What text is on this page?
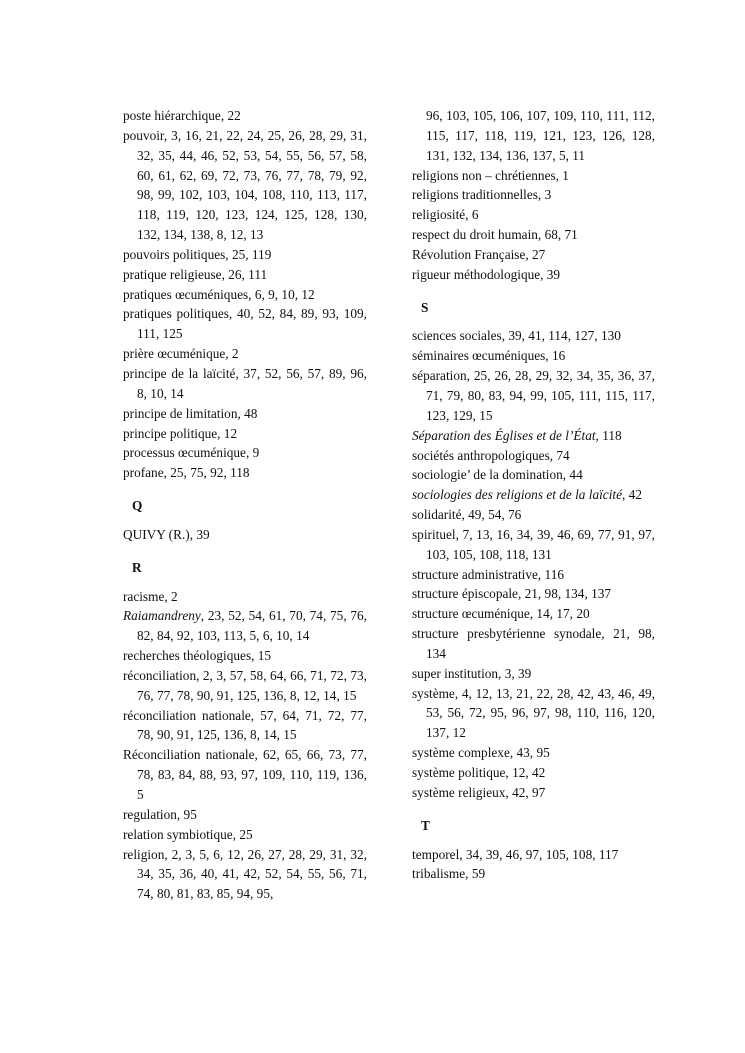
poste hiérarchique, 22
pouvoir, 3, 16, 21, 22, 24, 25, 26, 28, 29, 31, 32, 35, 44, 46, 52, 53, 54, 55, 56, 57, 58, 60, 61, 62, 69, 72, 73, 76, 77, 78, 79, 92, 98, 99, 102, 103, 104, 108, 110, 113, 117, 118, 119, 120, 123, 124, 125, 128, 130, 132, 134, 138, 8, 12, 13
pouvoirs politiques, 25, 119
pratique religieuse, 26, 111
pratiques œcuméniques, 6, 9, 10, 12
pratiques politiques, 40, 52, 84, 89, 93, 109, 111, 125
prière œcuménique, 2
principe de la laïcité, 37, 52, 56, 57, 89, 96, 8, 10, 14
principe de limitation, 48
principe politique, 12
processus œcuménique, 9
profane, 25, 75, 92, 118
Q
QUIVY (R.), 39
R
racisme, 2
Raiamandreny, 23, 52, 54, 61, 70, 74, 75, 76, 82, 84, 92, 103, 113, 5, 6, 10, 14
recherches théologiques, 15
réconciliation, 2, 3, 57, 58, 64, 66, 71, 72, 73, 76, 77, 78, 90, 91, 125, 136, 8, 12, 14, 15
réconciliation nationale, 57, 64, 71, 72, 77, 78, 90, 91, 125, 136, 8, 14, 15
Réconciliation nationale, 62, 65, 66, 73, 77, 78, 83, 84, 88, 93, 97, 109, 110, 119, 136, 5
regulation, 95
relation symbiotique, 25
religion, 2, 3, 5, 6, 12, 26, 27, 28, 29, 31, 32, 34, 35, 36, 40, 41, 42, 52, 54, 55, 56, 71, 74, 80, 81, 83, 85, 94, 95,
96, 103, 105, 106, 107, 109, 110, 111, 112, 115, 117, 118, 119, 121, 123, 126, 128, 131, 132, 134, 136, 137, 5, 11
religions non – chrétiennes, 1
religions traditionnelles, 3
religiosité, 6
respect du droit humain, 68, 71
Révolution Française, 27
rigueur méthodologique, 39
S
sciences sociales, 39, 41, 114, 127, 130
séminaires œcuméniques, 16
séparation, 25, 26, 28, 29, 32, 34, 35, 36, 37, 71, 79, 80, 83, 94, 99, 105, 111, 115, 117, 123, 129, 15
Séparation des Églises et de l’État, 118
sociétés anthropologiques, 74
sociologie’ de la domination, 44
sociologies des religions et de la laïcité, 42
solidarité, 49, 54, 76
spirituel, 7, 13, 16, 34, 39, 46, 69, 77, 91, 97, 103, 105, 108, 118, 131
structure administrative, 116
structure épiscopale, 21, 98, 134, 137
structure œcuménique, 14, 17, 20
structure presbytérienne synodale, 21, 98, 134
super institution, 3, 39
système, 4, 12, 13, 21, 22, 28, 42, 43, 46, 49, 53, 56, 72, 95, 96, 97, 98, 110, 116, 120, 137, 12
système complexe, 43, 95
système politique, 12, 42
système religieux, 42, 97
T
temporel, 34, 39, 46, 97, 105, 108, 117
tribalisme, 59
